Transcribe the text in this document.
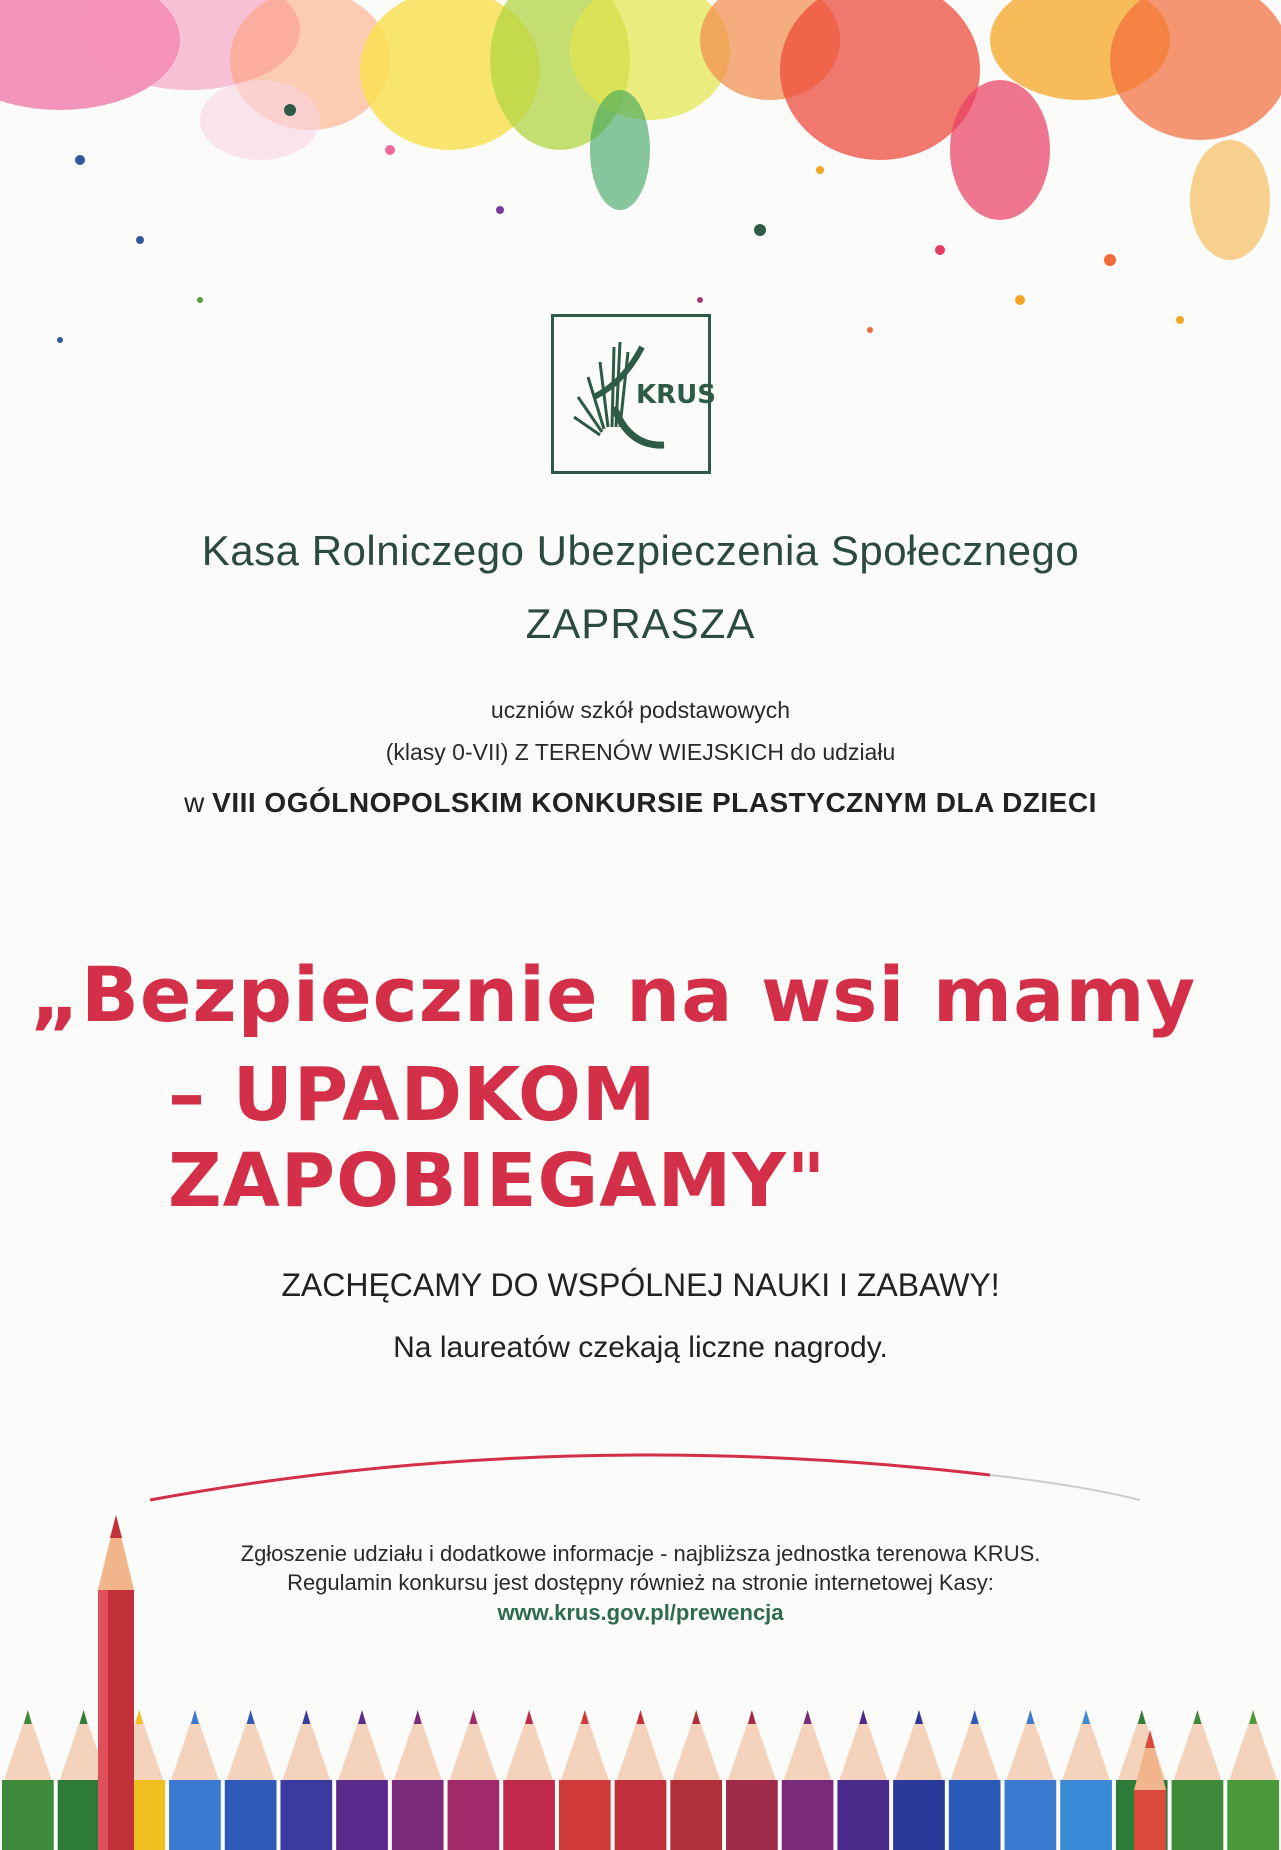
KRUS
Kasa Rolniczego Ubezpieczenia Społecznego
ZAPRASZA
uczniów szkół podstawowych
(klasy 0-VII) Z TERENÓW WIEJSKICH do udziału
w VIII OGÓLNOPOLSKIM KONKURSIE PLASTYCZNYM DLA DZIECI
„Bezpiecznie na wsi mamy
– UPADKOM ZAPOBIEGAMY"
ZACHĘCAMY DO WSPÓLNEJ NAUKI I ZABAWY!
Na laureatów czekają liczne nagrody.
Zgłoszenie udziału i dodatkowe informacje - najbliższa jednostka terenowa KRUS.
Regulamin konkursu jest dostępny również na stronie internetowej Kasy:
www.krus.gov.pl/prewencja
